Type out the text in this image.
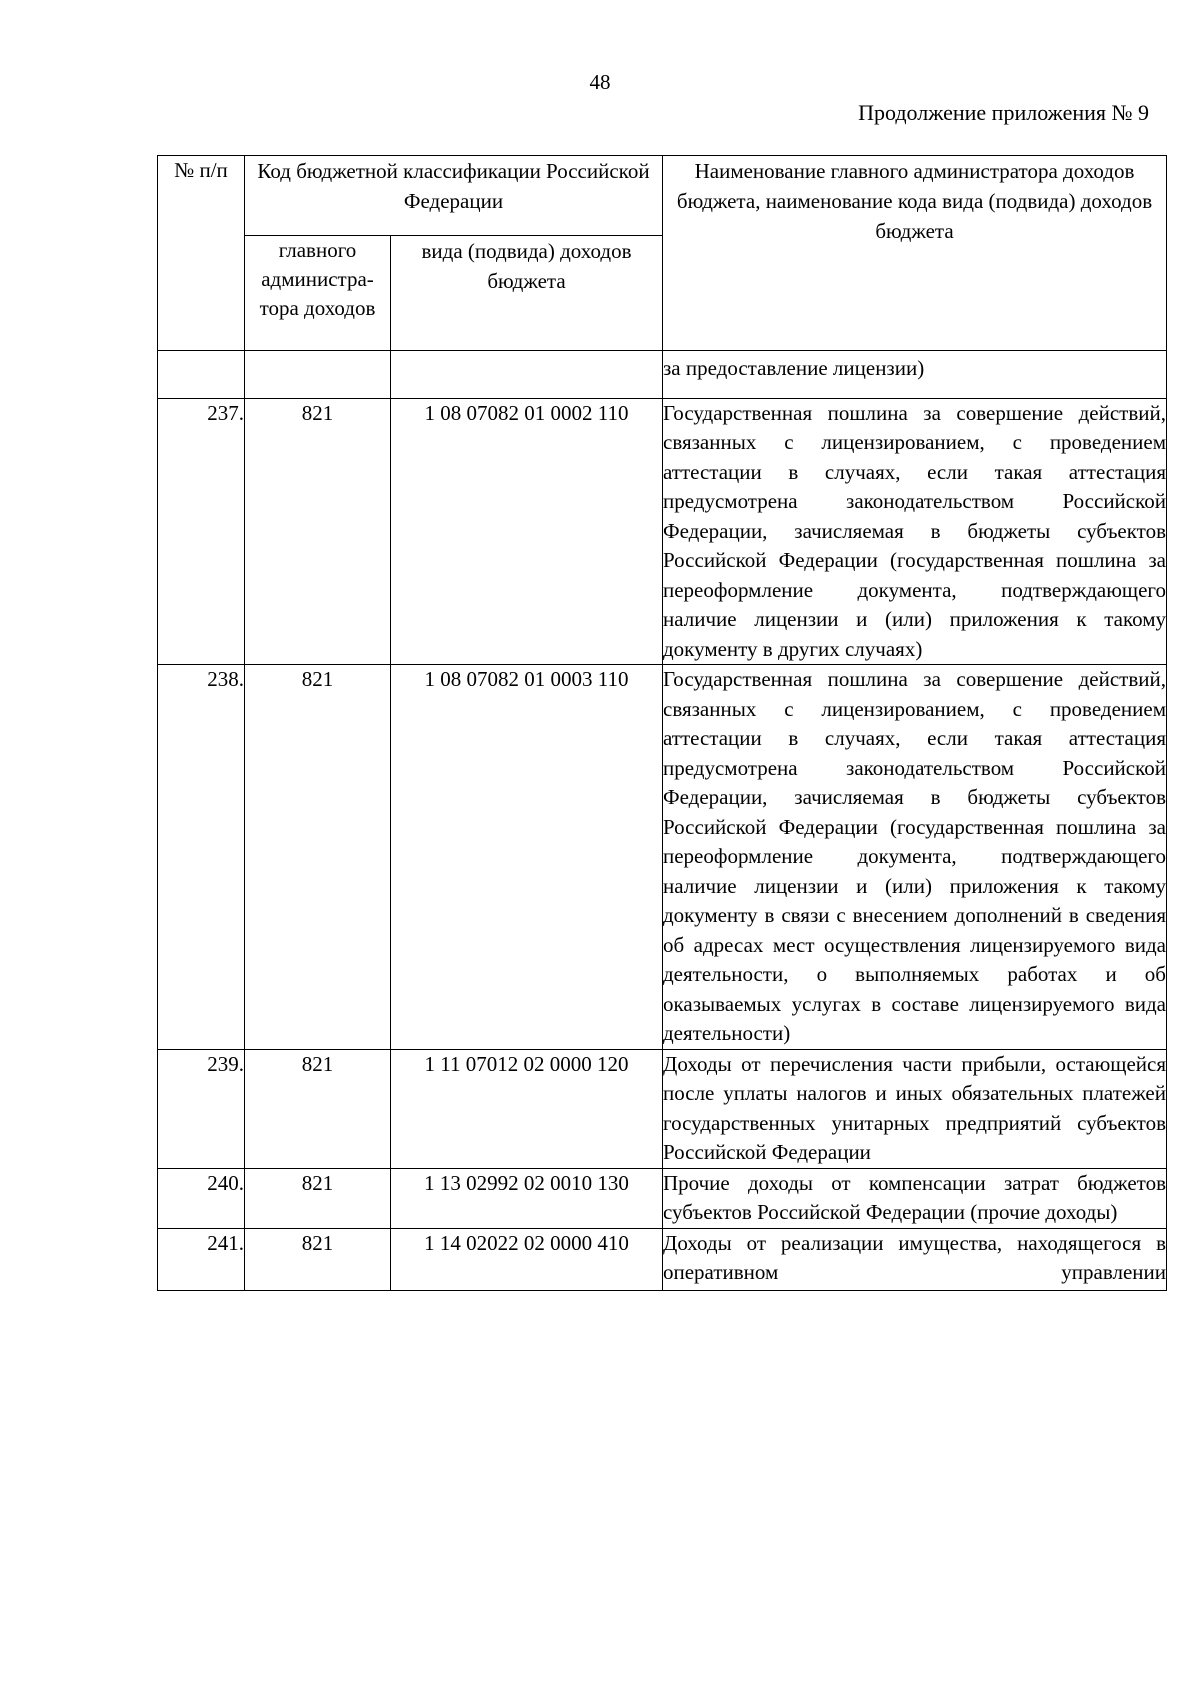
48
Продолжение приложения № 9
№ п/п	Код бюджетной классификации Российской Федерации		Наименование главного администратора доходов бюджета, наименование кода вида (подвида) доходов бюджета
	главного администра-тора доходов	вида (подвида) доходов бюджета	
			за предоставление лицензии)
237.	821	1 08 07082 01 0002 110	Государственная пошлина за совершение действий, связанных с лицензированием, с проведением аттестации в случаях, если такая аттестация предусмотрена законодательством Российской Федерации, зачисляемая в бюджеты субъектов Российской Федерации (государственная пошлина за переоформление документа, подтверждающего наличие лицензии и (или) приложения к такому документу в других случаях)
238.	821	1 08 07082 01 0003 110	Государственная пошлина за совершение действий, связанных с лицензированием, с проведением аттестации в случаях, если такая аттестация предусмотрена законодательством Российской Федерации, зачисляемая в бюджеты субъектов Российской Федерации (государственная пошлина за переоформление документа, подтверждающего наличие лицензии и (или) приложения к такому документу в связи с внесением дополнений в сведения об адресах мест осуществления лицензируемого вида деятельности, о выполняемых работах и об оказываемых услугах в составе лицензируемого вида деятельности)
239.	821	1 11 07012 02 0000 120	Доходы от перечисления части прибыли, остающейся после уплаты налогов и иных обязательных платежей государственных унитарных предприятий субъектов Российской Федерации
240.	821	1 13 02992 02 0010 130	Прочие доходы от компенсации затрат бюджетов субъектов Российской Федерации (прочие доходы)
241.	821	1 14 02022 02 0000 410	Доходы от реализации имущества, находящегося в оперативном управлении
